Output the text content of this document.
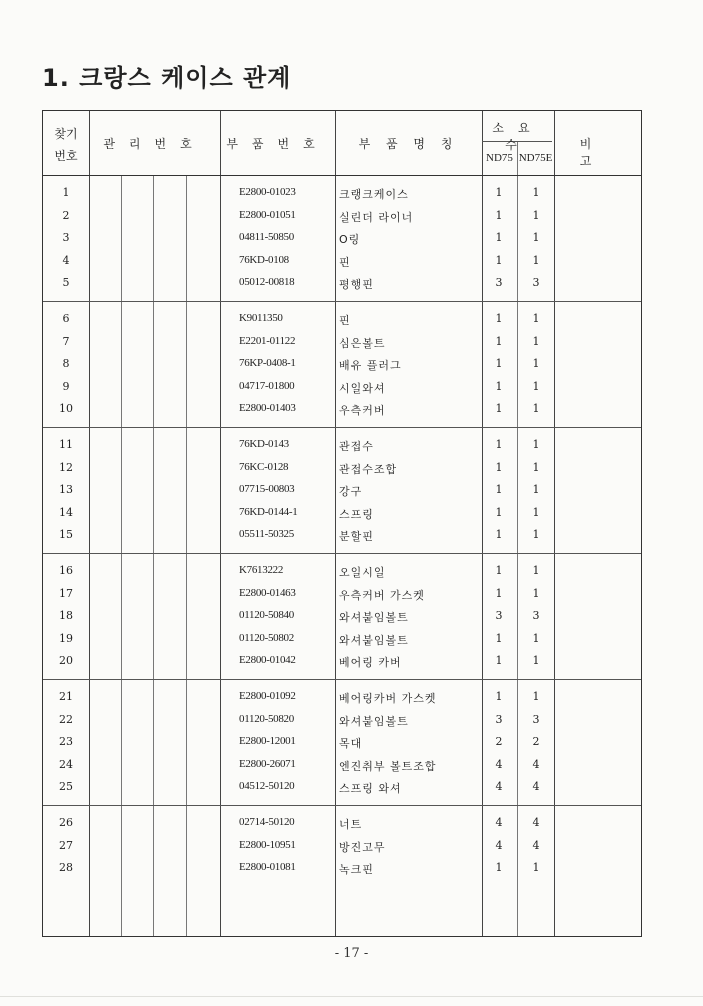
1. 크랑스 케이스 관계
찾기
번호
관리번호	부품번호	부 품 명 칭
소요수
ND75 ND75E
비 고
1	E2800-01023	크랭크케이스	1	1
2	E2800-01051	실린더 라이너	1	1
3	04811-50850	O링	1	1
4	76KD-0108	핀	1	1
5	05012-00818	평행핀	3	3
6	K9011350	핀	1	1
7	E2201-01122	심은볼트	1	1
8	76KP-0408-1	배유 플러그	1	1
9	04717-01800	시일와셔	1	1
10	E2800-01403	우측커버	1	1
11	76KD-0143	관접수	1	1
12	76KC-0128	관접수조합	1	1
13	07715-00803	강구	1	1
14	76KD-0144-1	스프링	1	1
15	05511-50325	분할핀	1	1
16	K7613222	오일시일	1	1
17	E2800-01463	우측커버 가스켓	1	1
18	01120-50840	와셔붙임볼트	3	3
19	01120-50802	와셔붙임볼트	1	1
20	E2800-01042	베어링 카버	1	1
21	E2800-01092	베어링카버 가스켓	1	1
22	01120-50820	와셔붙임볼트	3	3
23	E2800-12001	목대	2	2
24	E2800-26071	엔진취부 볼트조합	4	4
25	04512-50120	스프링 와셔	4	4
26	02714-50120	너트	4	4
27	E2800-10951	방진고무	4	4
28	E2800-01081	녹크핀	1	1
- 17 -
